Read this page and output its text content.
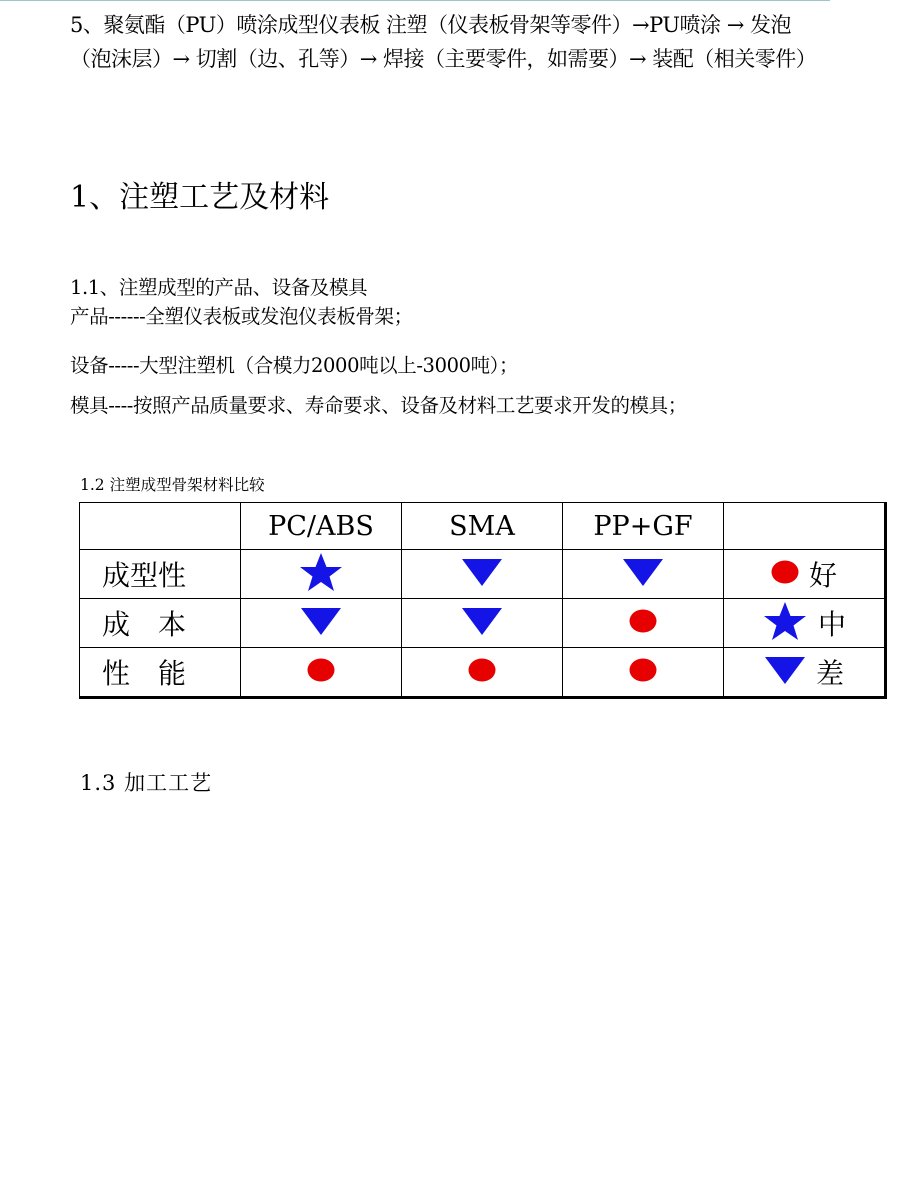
5、聚氨酯（PU）喷涂成型仪表板 注塑（仪表板骨架等零件）→PU喷涂 → 发泡（泡沫层）→ 切割（边、孔等）→ 焊接（主要零件，如需要）→ 装配（相关零件）

1、注塑工艺及材料

1.1、注塑成型的产品、设备及模具

产品------全塑仪表板或发泡仪表板骨架；

设备-----大型注塑机（合模力2000吨以上-3000吨）；

模具----按照产品质量要求、寿命要求、设备及材料工艺要求开发的模具；

1.2 注塑成型骨架材料比较
	PC/ABS	SMA	PP+GF	
成型性				好

成　本				中

性　能				差
1.3 加工工艺
